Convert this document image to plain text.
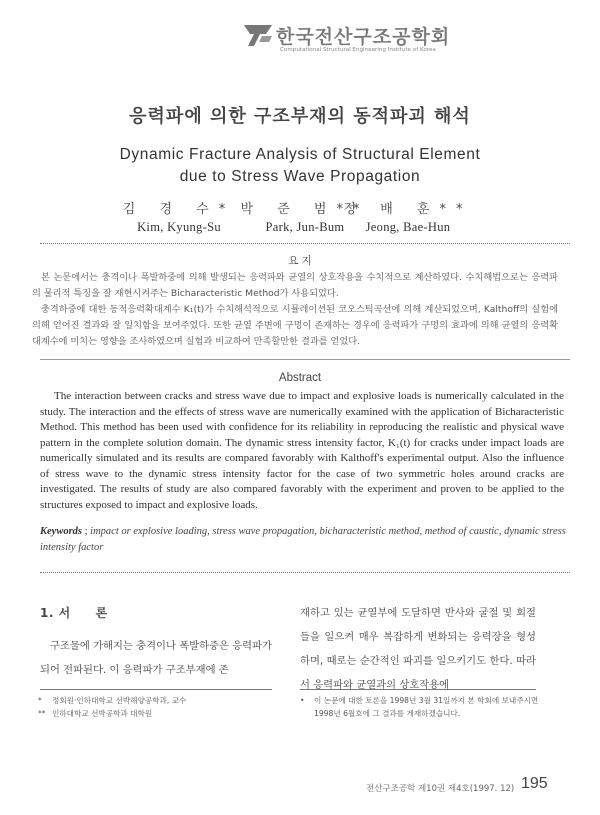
한국전산구조공학회
Computational Structural Engineering Institute of Korea
응력파에 의한 구조부재의 동적파괴 해석
Dynamic Fracture Analysis of Structural Element
due to Stress Wave Propagation
김 경 수*
Kim, Kyung-Su
박 준 범**
Park, Jun-Bum
정 배 훈**
Jeong, Bae-Hun
요 지

본 논문에서는 충격이나 폭발하중에 의해 발생되는 응력파와 균열의 상호작용을 수치적으로 계산하였다. 수치해법으로는 응력파의 물리적 특징을 잘 재현시켜주는 Bicharacteristic Method가 사용되었다.

충격하중에 대한 동적응력확대계수 K₁(t)가 수치해석적으로 시뮬레이션된 코오스틱곡선에 의해 계산되었으며, Kalthoff의 실험에 의해 얻어진 결과와 잘 일치함을 보여주었다. 또한 균열 주변에 구멍이 존재하는 경우에 응력파가 구멍의 효과에 의해 균열의 응력확대계수에 미치는 영향을 조사하였으며 실험과 비교하여 만족할만한 결과를 얻었다.

Abstract

The interaction between cracks and stress wave due to impact and explosive loads is numerically calculated in the study. The interaction and the effects of stress wave are numerically examined with the application of Bicharacteristic Method. This method has been used with confidence for its reliability in reproducing the realistic and physical wave pattern in the complete solution domain. The dynamic stress intensity factor, K₁(t) for cracks under impact loads are numerically simulated and its results are compared favorably with Kalthoff's experimental output. Also the influence of stress wave to the dynamic stress intensity factor for the case of two symmetric holes around cracks are investigated. The results of study are also compared favorably with the experiment and proven to be applied to the structures exposed to impact and explosive loads.

Keywords ; impact or explosive loading, stress wave propagation, bicharacteristic method, method of caustic, dynamic stress intensity factor
1. 서　　론
구조물에 가해지는 충격이나 폭발하중은 응력파가 되어 전파된다. 이 응력파가 구조부재에 존
재하고 있는 균열부에 도달하면 반사와 굴절 및 회절들을 일으켜 매우 복잡하게 변화되는 응력장을 형성하며, 때로는 순간적인 파괴를 일으키기도 한다. 따라서 응력파와 균열과의 상호작용에
*	정회원·인하대학교 선박해양공학과, 교수
** 인하대학교 선박공학과 대학원
•	이 논문에 대한 토론을 1998년 3월 31일까지 본 학회에 보내주시면 1998년 6월호에 그 결과를 게재하겠습니다.
전산구조공학 제10권 제4호(1997. 12) 195
